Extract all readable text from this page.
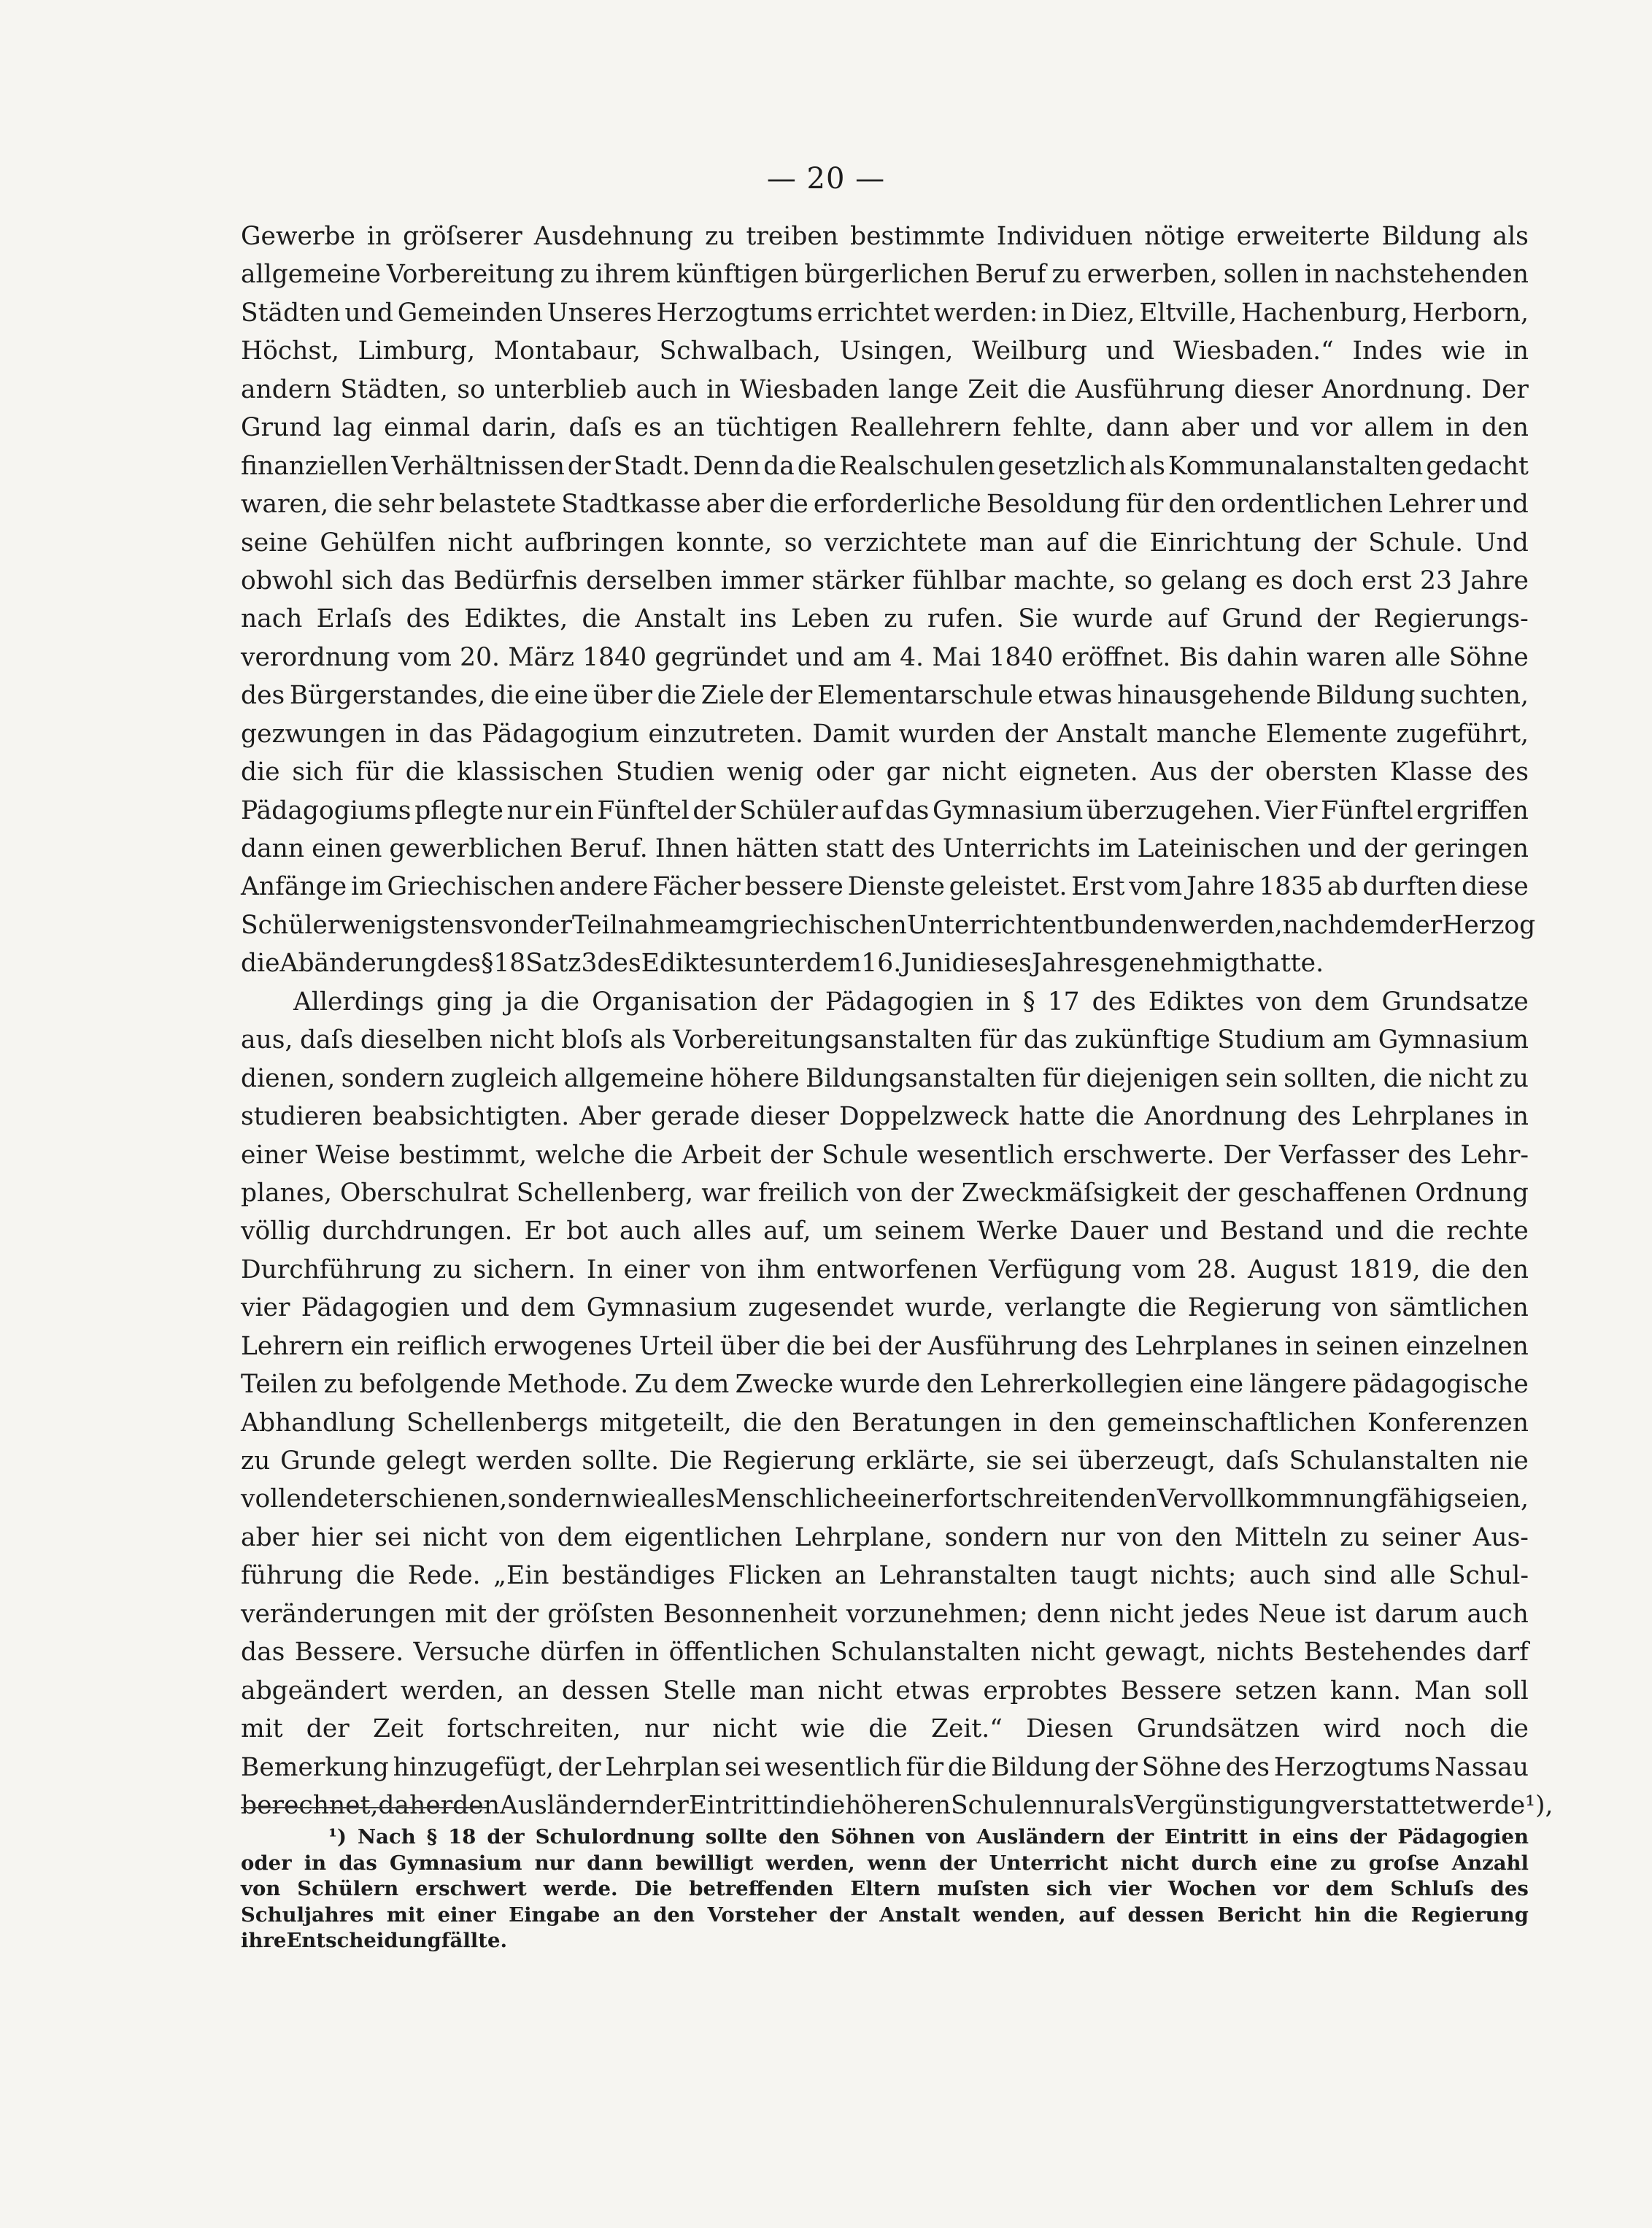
— 20 —
Gewerbe in gröſserer Ausdehnung zu treiben bestimmte Individuen nötige erweiterte Bildung als
allgemeine Vorbereitung zu ihrem künftigen bürgerlichen Beruf zu erwerben, sollen in nachstehenden
Städten und Gemeinden Unseres Herzogtums errichtet werden: in Diez, Eltville, Hachenburg, Herborn,
Höchst, Limburg, Montabaur, Schwalbach, Usingen, Weilburg und Wiesbaden.“ Indes wie in
andern Städten, so unterblieb auch in Wiesbaden lange Zeit die Ausführung dieser Anordnung. Der
Grund lag einmal darin, daſs es an tüchtigen Reallehrern fehlte, dann aber und vor allem in den
finanziellen Verhältnissen der Stadt. Denn da die Realschulen gesetzlich als Kommunalanstalten gedacht
waren, die sehr belastete Stadtkasse aber die erforderliche Besoldung für den ordentlichen Lehrer und
seine Gehülfen nicht aufbringen konnte, so verzichtete man auf die Einrichtung der Schule. Und
obwohl sich das Bedürfnis derselben immer stärker fühlbar machte, so gelang es doch erst 23 Jahre
nach Erlaſs des Ediktes, die Anstalt ins Leben zu rufen. Sie wurde auf Grund der Regierungs-
verordnung vom 20. März 1840 gegründet und am 4. Mai 1840 eröffnet. Bis dahin waren alle Söhne
des Bürgerstandes, die eine über die Ziele der Elementarschule etwas hinausgehende Bildung suchten,
gezwungen in das Pädagogium einzutreten. Damit wurden der Anstalt manche Elemente zugeführt,
die sich für die klassischen Studien wenig oder gar nicht eigneten. Aus der obersten Klasse des
Pädagogiums pflegte nur ein Fünftel der Schüler auf das Gymnasium überzugehen. Vier Fünftel ergriffen
dann einen gewerblichen Beruf. Ihnen hätten statt des Unterrichts im Lateinischen und der geringen
Anfänge im Griechischen andere Fächer bessere Dienste geleistet. Erst vom Jahre 1835 ab durften diese
Schüler wenigstens von der Teilnahme am griechischen Unterricht entbunden werden, nachdem der Herzog
die Abänderung des § 18 Satz 3 des Ediktes unter dem 16. Juni dieses Jahres genehmigt hatte.
Allerdings ging ja die Organisation der Pädagogien in § 17 des Ediktes von dem Grundsatze
aus, daſs dieselben nicht bloſs als Vorbereitungsanstalten für das zukünftige Studium am Gymnasium
dienen, sondern zugleich allgemeine höhere Bildungsanstalten für diejenigen sein sollten, die nicht zu
studieren beabsichtigten. Aber gerade dieser Doppelzweck hatte die Anordnung des Lehrplanes in
einer Weise bestimmt, welche die Arbeit der Schule wesentlich erschwerte. Der Verfasser des Lehr-
planes, Oberschulrat Schellenberg, war freilich von der Zweckmäſsigkeit der geschaffenen Ordnung
völlig durchdrungen. Er bot auch alles auf, um seinem Werke Dauer und Bestand und die rechte
Durchführung zu sichern. In einer von ihm entworfenen Verfügung vom 28. August 1819, die den
vier Pädagogien und dem Gymnasium zugesendet wurde, verlangte die Regierung von sämtlichen
Lehrern ein reiflich erwogenes Urteil über die bei der Ausführung des Lehrplanes in seinen einzelnen
Teilen zu befolgende Methode. Zu dem Zwecke wurde den Lehrerkollegien eine längere pädagogische
Abhandlung Schellenbergs mitgeteilt, die den Beratungen in den gemeinschaftlichen Konferenzen
zu Grunde gelegt werden sollte. Die Regierung erklärte, sie sei überzeugt, daſs Schulanstalten nie
vollendet erschienen, sondern wie alles Menschliche einer fortschreitenden Vervollkommnung fähig seien,
aber hier sei nicht von dem eigentlichen Lehrplane, sondern nur von den Mitteln zu seiner Aus-
führung die Rede. „Ein beständiges Flicken an Lehranstalten taugt nichts; auch sind alle Schul-
veränderungen mit der gröſsten Besonnenheit vorzunehmen; denn nicht jedes Neue ist darum auch
das Bessere. Versuche dürfen in öffentlichen Schulanstalten nicht gewagt, nichts Bestehendes darf
abgeändert werden, an dessen Stelle man nicht etwas erprobtes Bessere setzen kann. Man soll
mit der Zeit fortschreiten, nur nicht wie die Zeit.“ Diesen Grundsätzen wird noch die
Bemerkung hinzugefügt, der Lehrplan sei wesentlich für die Bildung der Söhne des Herzogtums Nassau
berechnet, daher den Ausländern der Eintritt in die höheren Schulen nur als Vergünstigung verstattet werde¹),
¹) Nach § 18 der Schulordnung sollte den Söhnen von Ausländern der Eintritt in eins der Pädagogien
oder in das Gymnasium nur dann bewilligt werden, wenn der Unterricht nicht durch eine zu groſse Anzahl
von Schülern erschwert werde. Die betreffenden Eltern muſsten sich vier Wochen vor dem Schluſs des
Schuljahres mit einer Eingabe an den Vorsteher der Anstalt wenden, auf dessen Bericht hin die Regierung
ihre Entscheidung fällte.
